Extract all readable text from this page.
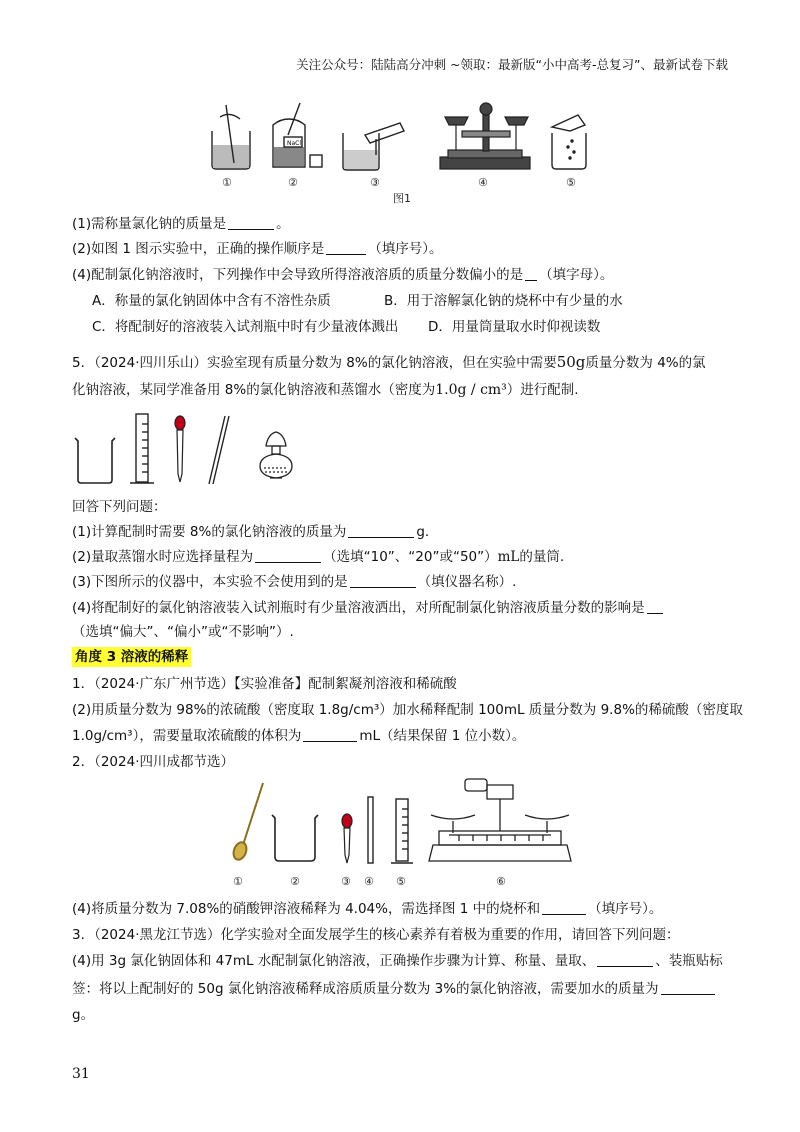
关注公众号：陆陆高分冲刺 ~领取：最新版“小中高考-总复习”、最新试卷下载
NaCl
①	②	③	④	⑤
图1
(1)需称量氯化钠的质量是	。
(2)如图 1 图示实验中，正确的操作顺序是	（填序号）。
(4)配制氯化钠溶液时，下列操作中会导致所得溶液溶质的质量分数偏小的是 （填字母）。
A．称量的氯化钠固体中含有不溶性杂质	B．用于溶解氯化钠的烧杯中有少量的水
C．将配制好的溶液装入试剂瓶中时有少量液体溅出 D．用量筒量取水时仰视读数
5．（2024·四川乐山）实验室现有质量分数为 8%的氯化钠溶液，但在实验中需要50g质量分数为 4%的氯
化钠溶液，某同学准备用 8%的氯化钠溶液和蒸馏水（密度为1.0g / cm³）进行配制.
回答下列问题：
(1)计算配制时需要 8%的氯化钠溶液的质量为	g.
(2)量取蒸馏水时应选择量程为	（选填“10”、“20”或“50”）mL的量筒.
(3)下图所示的仪器中，本实验不会使用到的是	（填仪器名称）.
(4)将配制好的氯化钠溶液装入试剂瓶时有少量溶液洒出，对所配制氯化钠溶液质量分数的影响是
（选填“偏大”、“偏小”或“不影响”）.
角度 3 溶液的稀释
1．（2024·广东广州节选）【实验准备】配制絮凝剂溶液和稀硫酸
(2)用质量分数为 98%的浓硫酸（密度取 1.8g/cm³）加水稀释配制 100mL 质量分数为 9.8%的稀硫酸（密度取
1.0g/cm³），需要量取浓硫酸的体积为	mL（结果保留 1 位小数）。
2．（2024·四川成都节选）
①	②	③ ④ ⑤	⑥
(4)将质量分数为 7.08%的硝酸钾溶液稀释为 4.04%，需选择图 1 中的烧杯和	（填序号）。
3．（2024·黑龙江节选）化学实验对全面发展学生的核心素养有着极为重要的作用，请回答下列问题：
(4)用 3g 氯化钠固体和 47mL 水配制氯化钠溶液，正确操作步骤为计算、称量、量取、	、装瓶贴标
签：将以上配制好的 50g 氯化钠溶液稀释成溶质质量分数为 3%的氯化钠溶液，需要加水的质量为
g。
31
